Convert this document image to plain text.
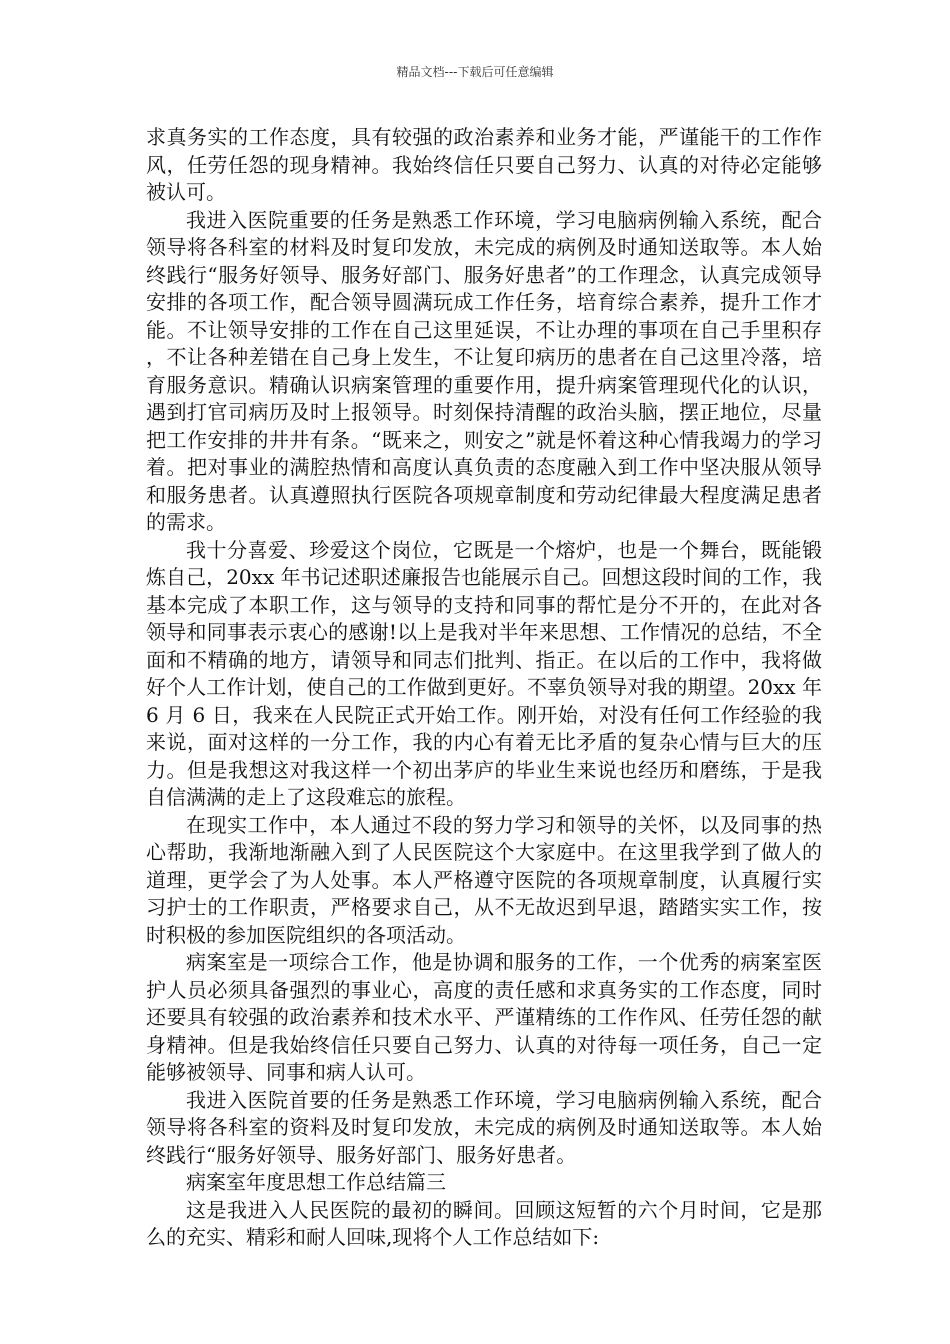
精品文档---下载后可任意编辑

求真务实的工作态度，具有较强的政治素养和业务才能，严谨能干的工作作风，任劳任怨的现身精神。我始终信任只要自己努力、认真的对待必定能够被认可。

我进入医院重要的任务是熟悉工作环境，学习电脑病例输入系统，配合领导将各科室的材料及时复印发放，未完成的病例及时通知送取等。本人始终践行“服务好领导、服务好部门、服务好患者”的工作理念，认真完成领导安排的各项工作，配合领导圆满玩成工作任务，培育综合素养，提升工作才能。不让领导安排的工作在自己这里延误，不让办理的事项在自己手里积存，不让各种差错在自己身上发生，不让复印病历的患者在自己这里冷落，培育服务意识。精确认识病案管理的重要作用，提升病案管理现代化的认识，遇到打官司病历及时上报领导。时刻保持清醒的政治头脑，摆正地位，尽量把工作安排的井井有条。“既来之，则安之”就是怀着这种心情我竭力的学习着。把对事业的满腔热情和高度认真负责的态度融入到工作中坚决服从领导和服务患者。认真遵照执行医院各项规章制度和劳动纪律最大程度满足患者的需求。

我十分喜爱、珍爱这个岗位，它既是一个熔炉，也是一个舞台，既能锻炼自己，20xx 年书记述职述廉报告也能展示自己。回想这段时间的工作，我基本完成了本职工作，这与领导的支持和同事的帮忙是分不开的，在此对各领导和同事表示衷心的感谢!以上是我对半年来思想、工作情况的总结，不全面和不精确的地方，请领导和同志们批判、指正。在以后的工作中，我将做好个人工作计划，使自己的工作做到更好。不辜负领导对我的期望。20xx 年 6 月 6 日，我来在人民院正式开始工作。刚开始，对没有任何工作经验的我来说，面对这样的一分工作，我的内心有着无比矛盾的复杂心情与巨大的压力。但是我想这对我这样一个初出茅庐的毕业生来说也经历和磨练，于是我自信满满的走上了这段难忘的旅程。

在现实工作中，本人通过不段的努力学习和领导的关怀，以及同事的热心帮助，我渐地渐融入到了人民医院这个大家庭中。在这里我学到了做人的道理，更学会了为人处事。本人严格遵守医院的各项规章制度，认真履行实习护士的工作职责，严格要求自己，从不无故迟到早退，踏踏实实工作，按时积极的参加医院组织的各项活动。

病案室是一项综合工作，他是协调和服务的工作，一个优秀的病案室医护人员必须具备强烈的事业心，高度的责任感和求真务实的工作态度，同时还要具有较强的政治素养和技术水平、严谨精练的工作作风、任劳任怨的献身精神。但是我始终信任只要自己努力、认真的对待每一项任务，自己一定能够被领导、同事和病人认可。

我进入医院首要的任务是熟悉工作环境，学习电脑病例输入系统，配合领导将各科室的资料及时复印发放，未完成的病例及时通知送取等。本人始终践行“服务好领导、服务好部门、服务好患者。

病案室年度思想工作总结篇三

这是我进入人民医院的最初的瞬间。回顾这短暂的六个月时间，它是那么的充实、精彩和耐人回味,现将个人工作总结如下:
